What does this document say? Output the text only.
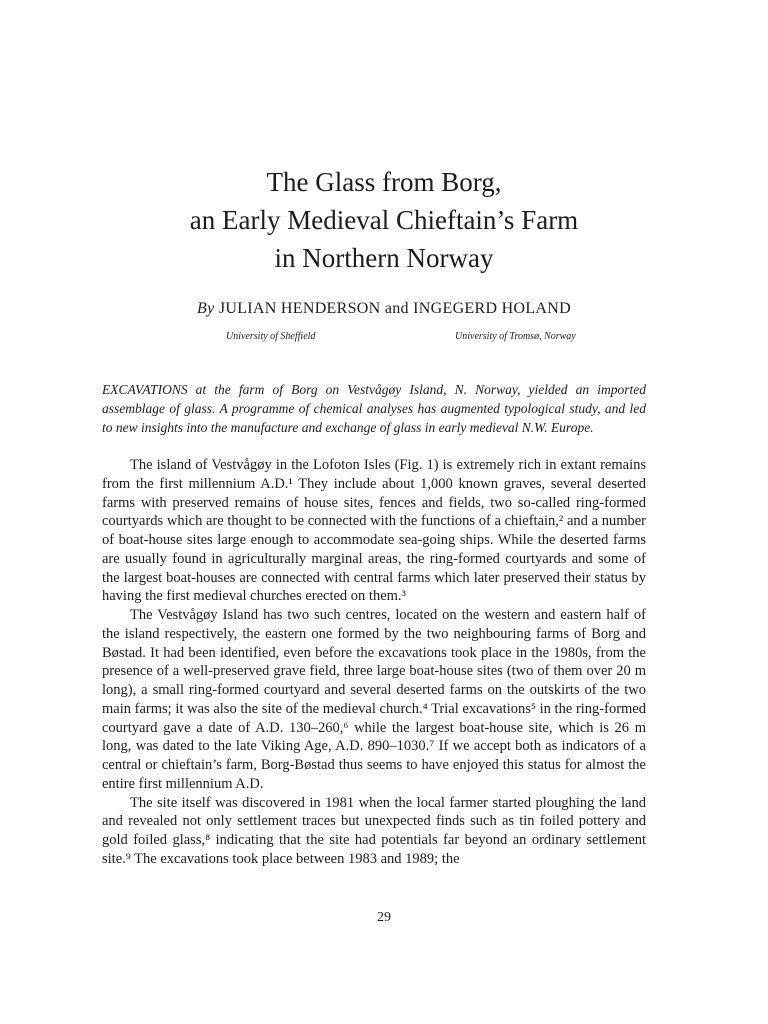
The Glass from Borg,
an Early Medieval Chieftain’s Farm
in Northern Norway
By JULIAN HENDERSON and INGEGERD HOLAND
University of Sheffield	University of Tromsø, Norway

EXCAVATIONS at the farm of Borg on Vestvågøy Island, N. Norway, yielded an imported assemblage of glass. A programme of chemical analyses has augmented typological study, and led to new insights into the manufacture and exchange of glass in early medieval N.W. Europe.

The island of Vestvågøy in the Lofoton Isles (Fig. 1) is extremely rich in extant remains from the first millennium A.D.¹ They include about 1,000 known graves, several deserted farms with preserved remains of house sites, fences and fields, two so-called ring-formed courtyards which are thought to be connected with the functions of a chieftain,² and a number of boat-house sites large enough to accommodate sea-going ships. While the deserted farms are usually found in agriculturally marginal areas, the ring-formed courtyards and some of the largest boat-houses are connected with central farms which later preserved their status by having the first medieval churches erected on them.³

The Vestvågøy Island has two such centres, located on the western and eastern half of the island respectively, the eastern one formed by the two neighbouring farms of Borg and Bøstad. It had been identified, even before the excavations took place in the 1980s, from the presence of a well-preserved grave field, three large boat-house sites (two of them over 20 m long), a small ring-formed courtyard and several deserted farms on the outskirts of the two main farms; it was also the site of the medieval church.⁴ Trial excavations⁵ in the ring-formed courtyard gave a date of A.D. 130–260,⁶ while the largest boat-house site, which is 26 m long, was dated to the late Viking Age, A.D. 890–1030.⁷ If we accept both as indicators of a central or chieftain’s farm, Borg-Bøstad thus seems to have enjoyed this status for almost the entire first millennium A.D.

The site itself was discovered in 1981 when the local farmer started ploughing the land and revealed not only settlement traces but unexpected finds such as tin foiled pottery and gold foiled glass,⁸ indicating that the site had potentials far beyond an ordinary settlement site.⁹ The excavations took place between 1983 and 1989; the

29
